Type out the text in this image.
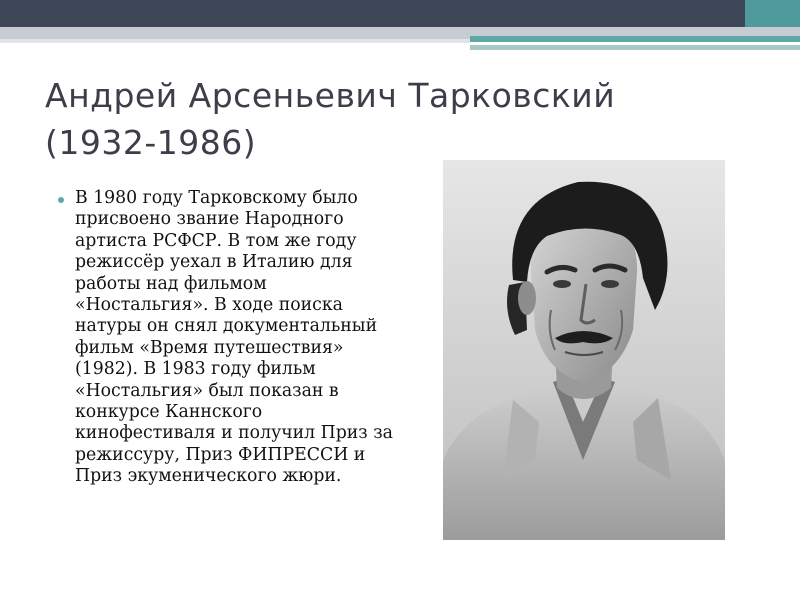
Андрей Арсеньевич Тарковский
(1932-1986)
В 1980 году Тарковскому было присвоено звание Народного артиста РСФСР. В том же году режиссёр уехал в Италию для работы над фильмом «Ностальгия». В ходе поиска натуры он снял документальный фильм «Время путешествия» (1982). В 1983 году фильм «Ностальгия» был показан в конкурсе Каннского кинофестиваля и получил Приз за режиссуру, Приз ФИПРЕССИ и Приз экуменического жюри.
